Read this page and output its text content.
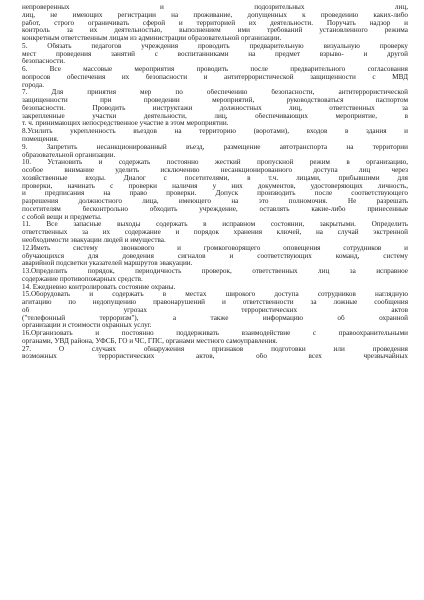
непроверенных и подозрительных лиц,
лиц, не имеющих регистрации на проживание, допущенных к проведению каких-либо
работ, строго ограничивать сферой и территорией их деятельности. Поручать надзор и
контроль за их деятельностью, выполнением ими требований установленного режима
конкретным ответственным лицам из администрации образовательной организации.
5. Обязать педагогов учреждения проводить предварительную визуальную проверку
мест проведения занятий с воспитанниками на предмет взрыво- и другой
безопасности.
6. Все массовые мероприятия проводить после предварительного согласования
вопросов обеспечения их безопасности и антитеррористической защищенности с МВД
города.
7. Для принятия мер по обеспечению безопасности, антитеррористической
защищенности при проведении мероприятий, руководствоваться паспортом
безопасности. Проводить инструктажи должностных лиц, ответственных за
закрепленные участки деятельности, лиц, обеспечивающих мероприятие, в
т. ч. принимающих непосредственное участие в этом мероприятии.
8.Усилить укрепленность въездов на территорию (воротами), входов в здания и
помещения.
9. Запретить несанкционированный въезд, размещение автотранспорта на территории
образовательной организации.
10. Установить и содержать постоянно жесткий пропускной режим в организацию,
особое внимание уделить исключению несанкционированного доступа лиц через
хозяйственные входы. Диалог с посетителями, в т.ч. лицами, прибывшими для
проверки, начинать с проверки наличия у них документов, удостоверяющих личность,
и предписания на право проверки. Допуск производить после соответствующего
разрешения должностного лица, имеющего на это полномочия. Не разрешать
посетителям бесконтрольно обходить учреждение, оставлять какие-либо принесенные
с собой вещи и предметы.
11. Все запасные выходы содержать в исправном состоянии, закрытыми. Определить
ответственных за их содержание и порядок хранения ключей, на случай экстренной
необходимости эвакуации людей и имущества.
12.Иметь систему звонкового и громкоговорящего оповещения сотрудников и
обучающихся для доведения сигналов и соответствующих команд, систему
аварийной подсветки указателей маршрутов эвакуации.
13.Определить порядок, периодичность проверок, ответственных лиц за исправное
содержание противопожарных средств.
14. Ежедневно контролировать состояние охраны.
15.Оборудовать и содержать в местах широкого доступа сотрудников наглядную
агитацию по недопущению правонарушений и ответственности за ложные сообщения
об угрозах террористических актов
("телефонный терроризм"), а также информацию об охранной
организации и стоимости охранных услуг.
16.Организовать и постоянно поддерживать взаимодействие с правоохранительными
органами, УВД района, УФСБ, ГО и ЧС, ГПС, органами местного самоуправления.
27. О случаях обнаружения признаков подготовки или проведения
возможных террористических актов, обо всех чрезвычайных
